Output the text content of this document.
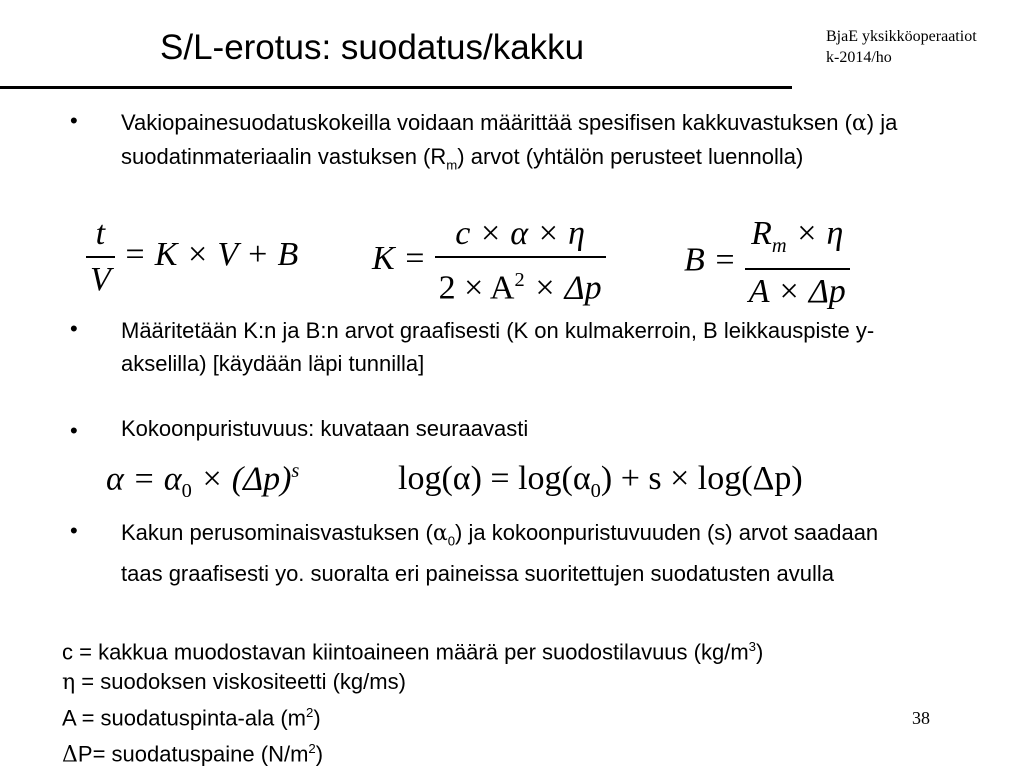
S/L-erotus: suodatus/kakku	BjaE yksikköoperaatiot
k-2014/ho
• Vakiopainesuodatuskokeilla voidaan määrittää spesifisen kakkuvastuksen (α) ja suodatinmateriaalin vastuksen $(R_m)$ arvot (yhtälön perusteet luennolla)
$\frac{t}{V} = K \times V + B$ $K = \frac{c \times \alpha \times \eta}{2 \times A^2 \times \Delta p}$ $B = \frac{R_m \times \eta}{A \times \Delta p}$
• Määritetään K:n ja B:n arvot graafisesti (K on kulmakerroin, B leikkauspiste y-akselilla) [käydään läpi tunnilla]
• Kokoonpuristuvuus: kuvataan seuraavasti
$\alpha = \alpha_0 \times (\Delta p)^s$	$\log(\alpha) = \log(\alpha_0) + s \times \log(\Delta p)$
• Kakun perusominaisvastuksen $(\alpha_0)$ ja kokoonpuristuvuuden (s) arvot saadaan taas graafisesti yo. suoralta eri paineissa suoritettujen suodatusten avulla
c = kakkua muodostavan kiintoaineen määrä per suodostilavuus $(kg/m^3)$
η = suodoksen viskositeetti (kg/ms)
A = suodatuspinta-ala $(m^2)$
ΔP= suodatuspaine $(N/m^2)$
38
